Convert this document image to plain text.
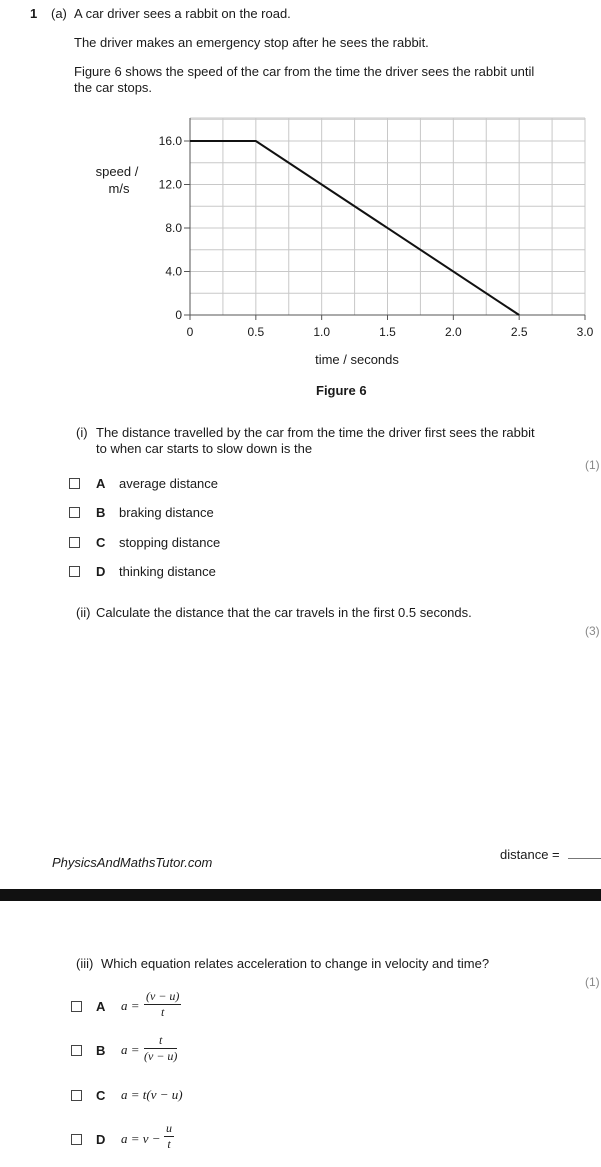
1 (a) A car driver sees a rabbit on the road.
The driver makes an emergency stop after he sees the rabbit.
Figure 6 shows the speed of the car from the time the driver sees the rabbit until
the car stops.
0	0.5	1.0	1.5	2.0	2.5	3.0
0
4.0
8.0
12.0
16.0
speed /
m/s
time / seconds
Figure 6
(i) The distance travelled by the car from the time the driver first sees the rabbit
to when car starts to slow down is the
(1)
A average distance
B braking distance
C stopping distance
D thinking distance
(ii) Calculate the distance that the car travels in the first 0.5 seconds.
(3)
PhysicsAndMathsTutor.com
distance =
(iii) Which equation relates acceleration to change in velocity and time?
(1)
A $a = \frac{(v - u)}{t}$
B $a = \frac{t}{(v - u)}$
C a = t(v − u)
D $a = v - \frac{u}{t}$
